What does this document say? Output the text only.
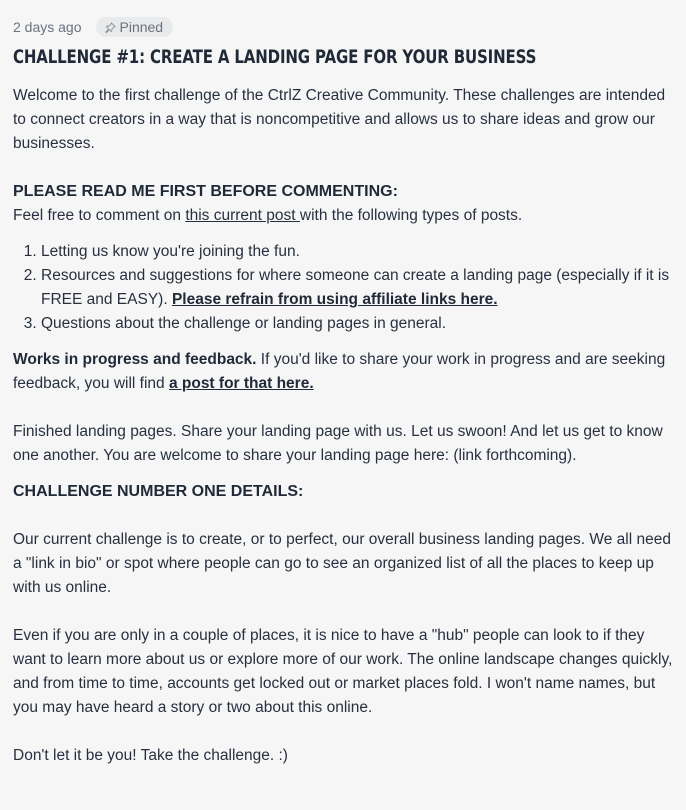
2 days ago	Pinned
CHALLENGE #1: CREATE A LANDING PAGE FOR YOUR BUSINESS

Welcome to the first challenge of the CtrlZ Creative Community. These challenges are intended to connect creators in a way that is noncompetitive and allows us to share ideas and grow our businesses.

PLEASE READ ME FIRST BEFORE COMMENTING:

Feel free to comment on this current post with the following types of posts.

1. Letting us know you're joining the fun.
2. Resources and suggestions for where someone can create a landing page (especially if it is FREE and EASY). Please refrain from using affiliate links here.
3. Questions about the challenge or landing pages in general.

Works in progress and feedback. If you'd like to share your work in progress and are seeking feedback, you will find a post for that here.

Finished landing pages. Share your landing page with us. Let us swoon! And let us get to know one another. You are welcome to share your landing page here: (link forthcoming).

CHALLENGE NUMBER ONE DETAILS:

Our current challenge is to create, or to perfect, our overall business landing pages. We all need a "link in bio" or spot where people can go to see an organized list of all the places to keep up with us online.

Even if you are only in a couple of places, it is nice to have a "hub" people can look to if they want to learn more about us or explore more of our work. The online landscape changes quickly, and from time to time, accounts get locked out or market places fold. I won't name names, but you may have heard a story or two about this online.

Don't let it be you! Take the challenge. :)
